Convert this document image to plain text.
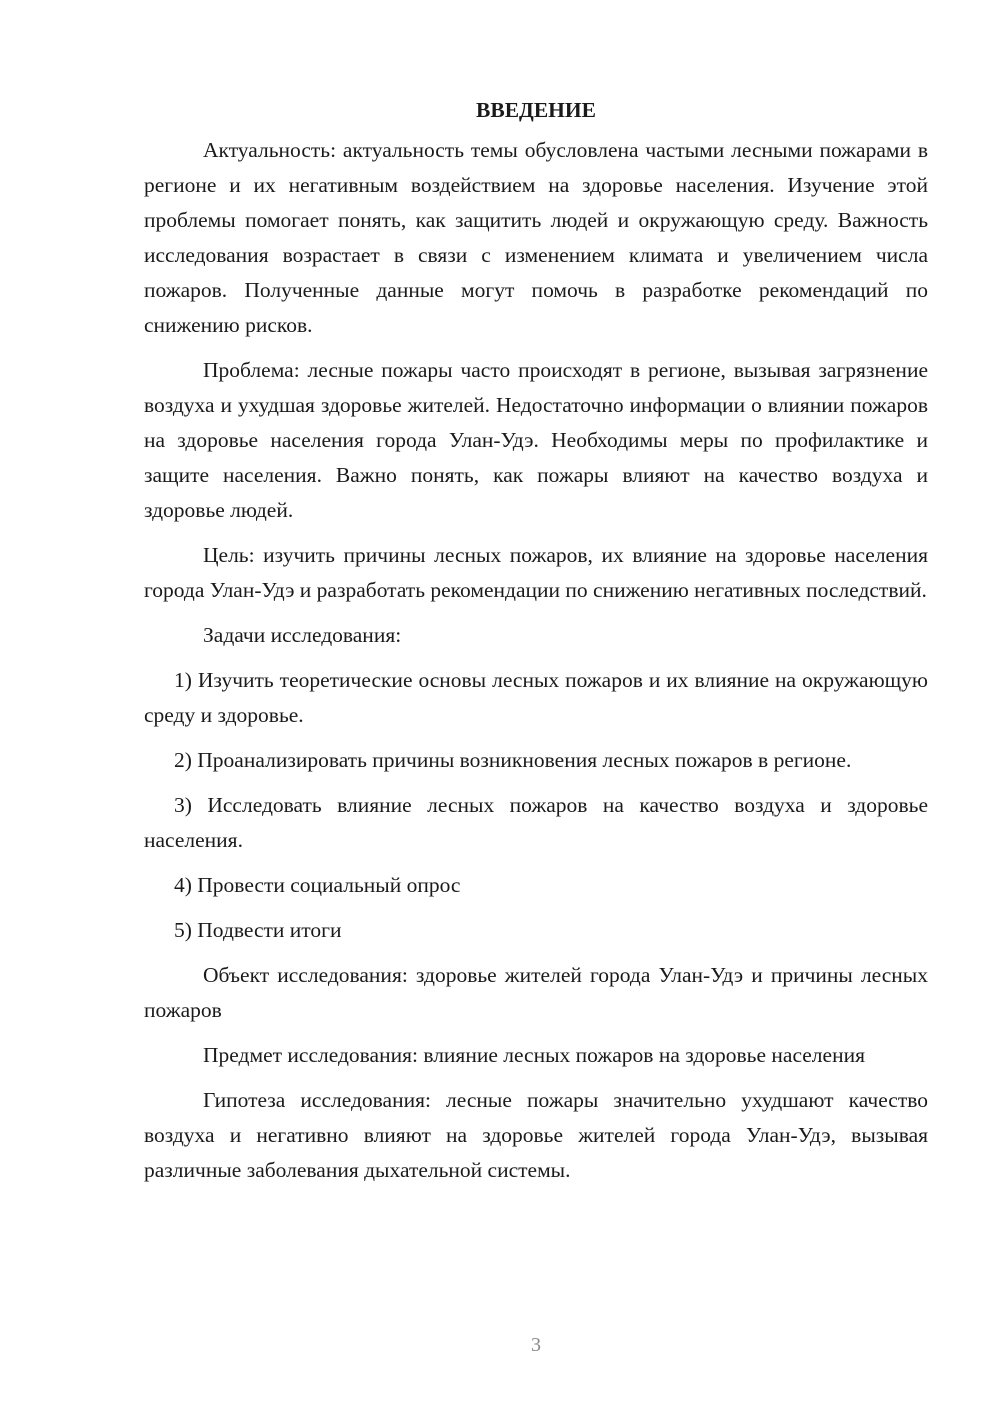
ВВЕДЕНИЕ

Актуальность: актуальность темы обусловлена частыми лесными пожарами в регионе и их негативным воздействием на здоровье населения. Изучение этой проблемы помогает понять, как защитить людей и окружающую среду. Важность исследования возрастает в связи с изменением климата и увеличением числа пожаров. Полученные данные могут помочь в разработке рекомендаций по снижению рисков.

Проблема: лесные пожары часто происходят в регионе, вызывая загрязнение воздуха и ухудшая здоровье жителей. Недостаточно информации о влиянии пожаров на здоровье населения города Улан-Удэ. Необходимы меры по профилактике и защите населения. Важно понять, как пожары влияют на качество воздуха и здоровье людей.

Цель: изучить причины лесных пожаров, их влияние на здоровье населения города Улан-Удэ и разработать рекомендации по снижению негативных последствий.

Задачи исследования:

1) Изучить теоретические основы лесных пожаров и их влияние на окружающую среду и здоровье.

2) Проанализировать причины возникновения лесных пожаров в регионе.

3) Исследовать влияние лесных пожаров на качество воздуха и здоровье населения.

4) Провести социальный опрос

5) Подвести итоги

Объект исследования: здоровье жителей города Улан-Удэ и причины лесных пожаров

Предмет исследования: влияние лесных пожаров на здоровье населения

Гипотеза исследования: лесные пожары значительно ухудшают качество воздуха и негативно влияют на здоровье жителей города Улан-Удэ, вызывая различные заболевания дыхательной системы.

3
